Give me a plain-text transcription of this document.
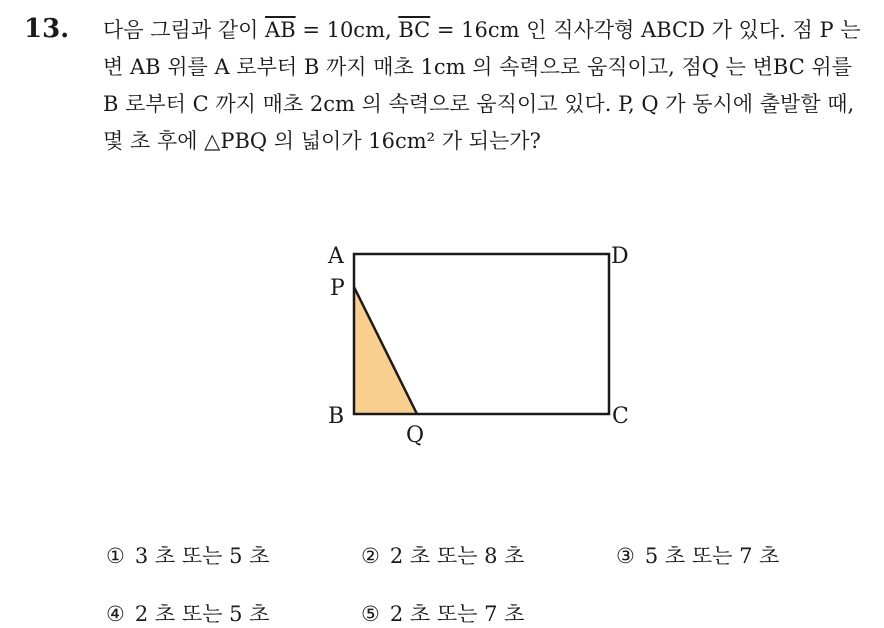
13. 다음 그림과 같이 $\overline{AB} = 10cm$, $\overline{BC} = 16cm$ 인 직사각형 ABCD 가 있다. 점 P 는 변 AB 위를 A 로부터 B 까지 매초 1cm 의 속력으로 움직이고, 점Q 는 변BC 위를 B 로부터 C 까지 매초 2cm 의 속력으로 움직이고 있다. P, Q 가 동시에 출발할 때, 몇 초 후에 △PBQ 의 넓이가 16cm² 가 되는가?

A	D
P
B	C
Q
① 3 초 또는 5 초	② 2 초 또는 8 초	③ 5 초 또는 7 초
④ 2 초 또는 5 초	⑤ 2 초 또는 7 초
